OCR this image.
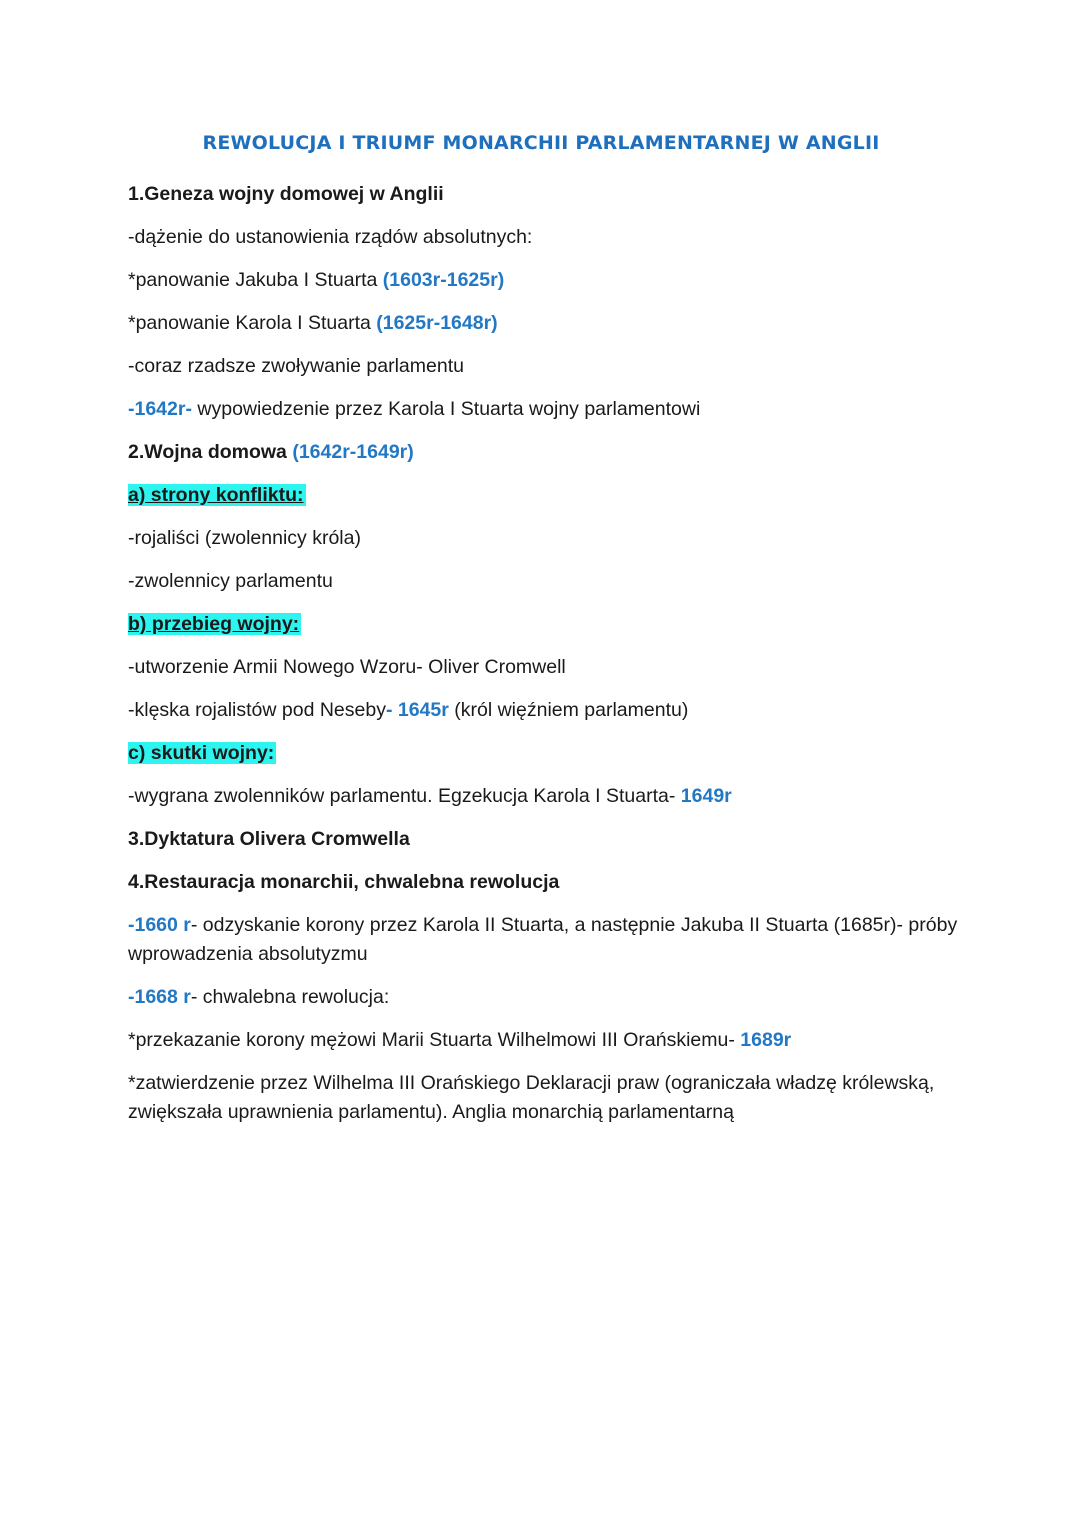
REWOLUCJA I TRIUMF MONARCHII PARLAMENTARNEJ W ANGLII
1.Geneza wojny domowej w Anglii
-dążenie do ustanowienia rządów absolutnych:
*panowanie Jakuba I Stuarta (1603r-1625r)
*panowanie Karola I Stuarta (1625r-1648r)
-coraz rzadsze zwoływanie parlamentu
-1642r- wypowiedzenie przez Karola I Stuarta wojny parlamentowi
2.Wojna domowa (1642r-1649r)
a) strony konfliktu:
-rojaliści (zwolennicy króla)
-zwolennicy parlamentu
b) przebieg wojny:
-utworzenie Armii Nowego Wzoru- Oliver Cromwell
-klęska rojalistów pod Neseby- 1645r (król więźniem parlamentu)
c) skutki wojny:
-wygrana zwolenników parlamentu. Egzekucja Karola I Stuarta- 1649r
3.Dyktatura Olivera Cromwella
4.Restauracja monarchii, chwalebna rewolucja
-1660 r- odzyskanie korony przez Karola II Stuarta, a następnie Jakuba II Stuarta (1685r)- próby wprowadzenia absolutyzmu
-1668 r- chwalebna rewolucja:
*przekazanie korony mężowi Marii Stuarta Wilhelmowi III Orańskiemu- 1689r
*zatwierdzenie przez Wilhelma III Orańskiego Deklaracji praw (ograniczała władzę królewską, zwiększała uprawnienia parlamentu). Anglia monarchią parlamentarną
